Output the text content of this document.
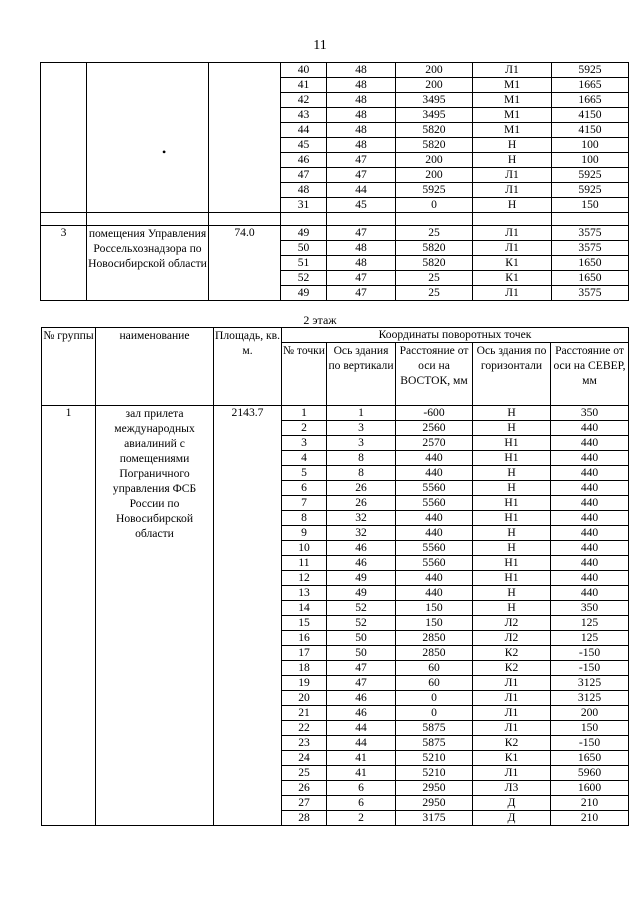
11
			40	48	200	Л1	5925
			41	48	200	М1	1665
			42	48	3495	М1	1665
			43	48	3495	М1	4150
			44	48	5820	М1	4150
			45	48	5820	Н	100
			46	47	200	Н	100
			47	47	200	Л1	5925
			48	44	5925	Л1	5925
			31	45	0	Н	150

3	помещения Управления Россельхознадзора по Новосибирской области	74.0	49	47	25	Л1	3575
			50	48	5820	Л1	3575
			51	48	5820	К1	1650
			52	47	25	К1	1650
			49	47	25	Л1	3575
•
2 этаж
№ группы	наименование	Площадь, кв. м.	Координаты поворотных точек				
			№ точки	Ось здания по вертикали	Расстояние от оси на ВОСТОК, мм	Ось здания по горизонтали	Расстояние от оси на СЕВЕР, мм
1	зал прилета международных авиалиний с помещениями Пограничного управления ФСБ России по Новосибирской области	2143.7	1	1	-600	Н	350
			2	3	2560	Н	440
			3	3	2570	Н1	440
			4	8	440	Н1	440
			5	8	440	Н	440
			6	26	5560	Н	440
			7	26	5560	Н1	440
			8	32	440	Н1	440
			9	32	440	Н	440
			10	46	5560	Н	440
			11	46	5560	Н1	440
			12	49	440	Н1	440
			13	49	440	Н	440
			14	52	150	Н	350
			15	52	150	Л2	125
			16	50	2850	Л2	125
			17	50	2850	К2	-150
			18	47	60	К2	-150
			19	47	60	Л1	3125
			20	46	0	Л1	3125
			21	46	0	Л1	200
			22	44	5875	Л1	150
			23	44	5875	К2	-150
			24	41	5210	К1	1650
			25	41	5210	Л1	5960
			26	6	2950	Л3	1600
			27	6	2950	Д	210
			28	2	3175	Д	210
